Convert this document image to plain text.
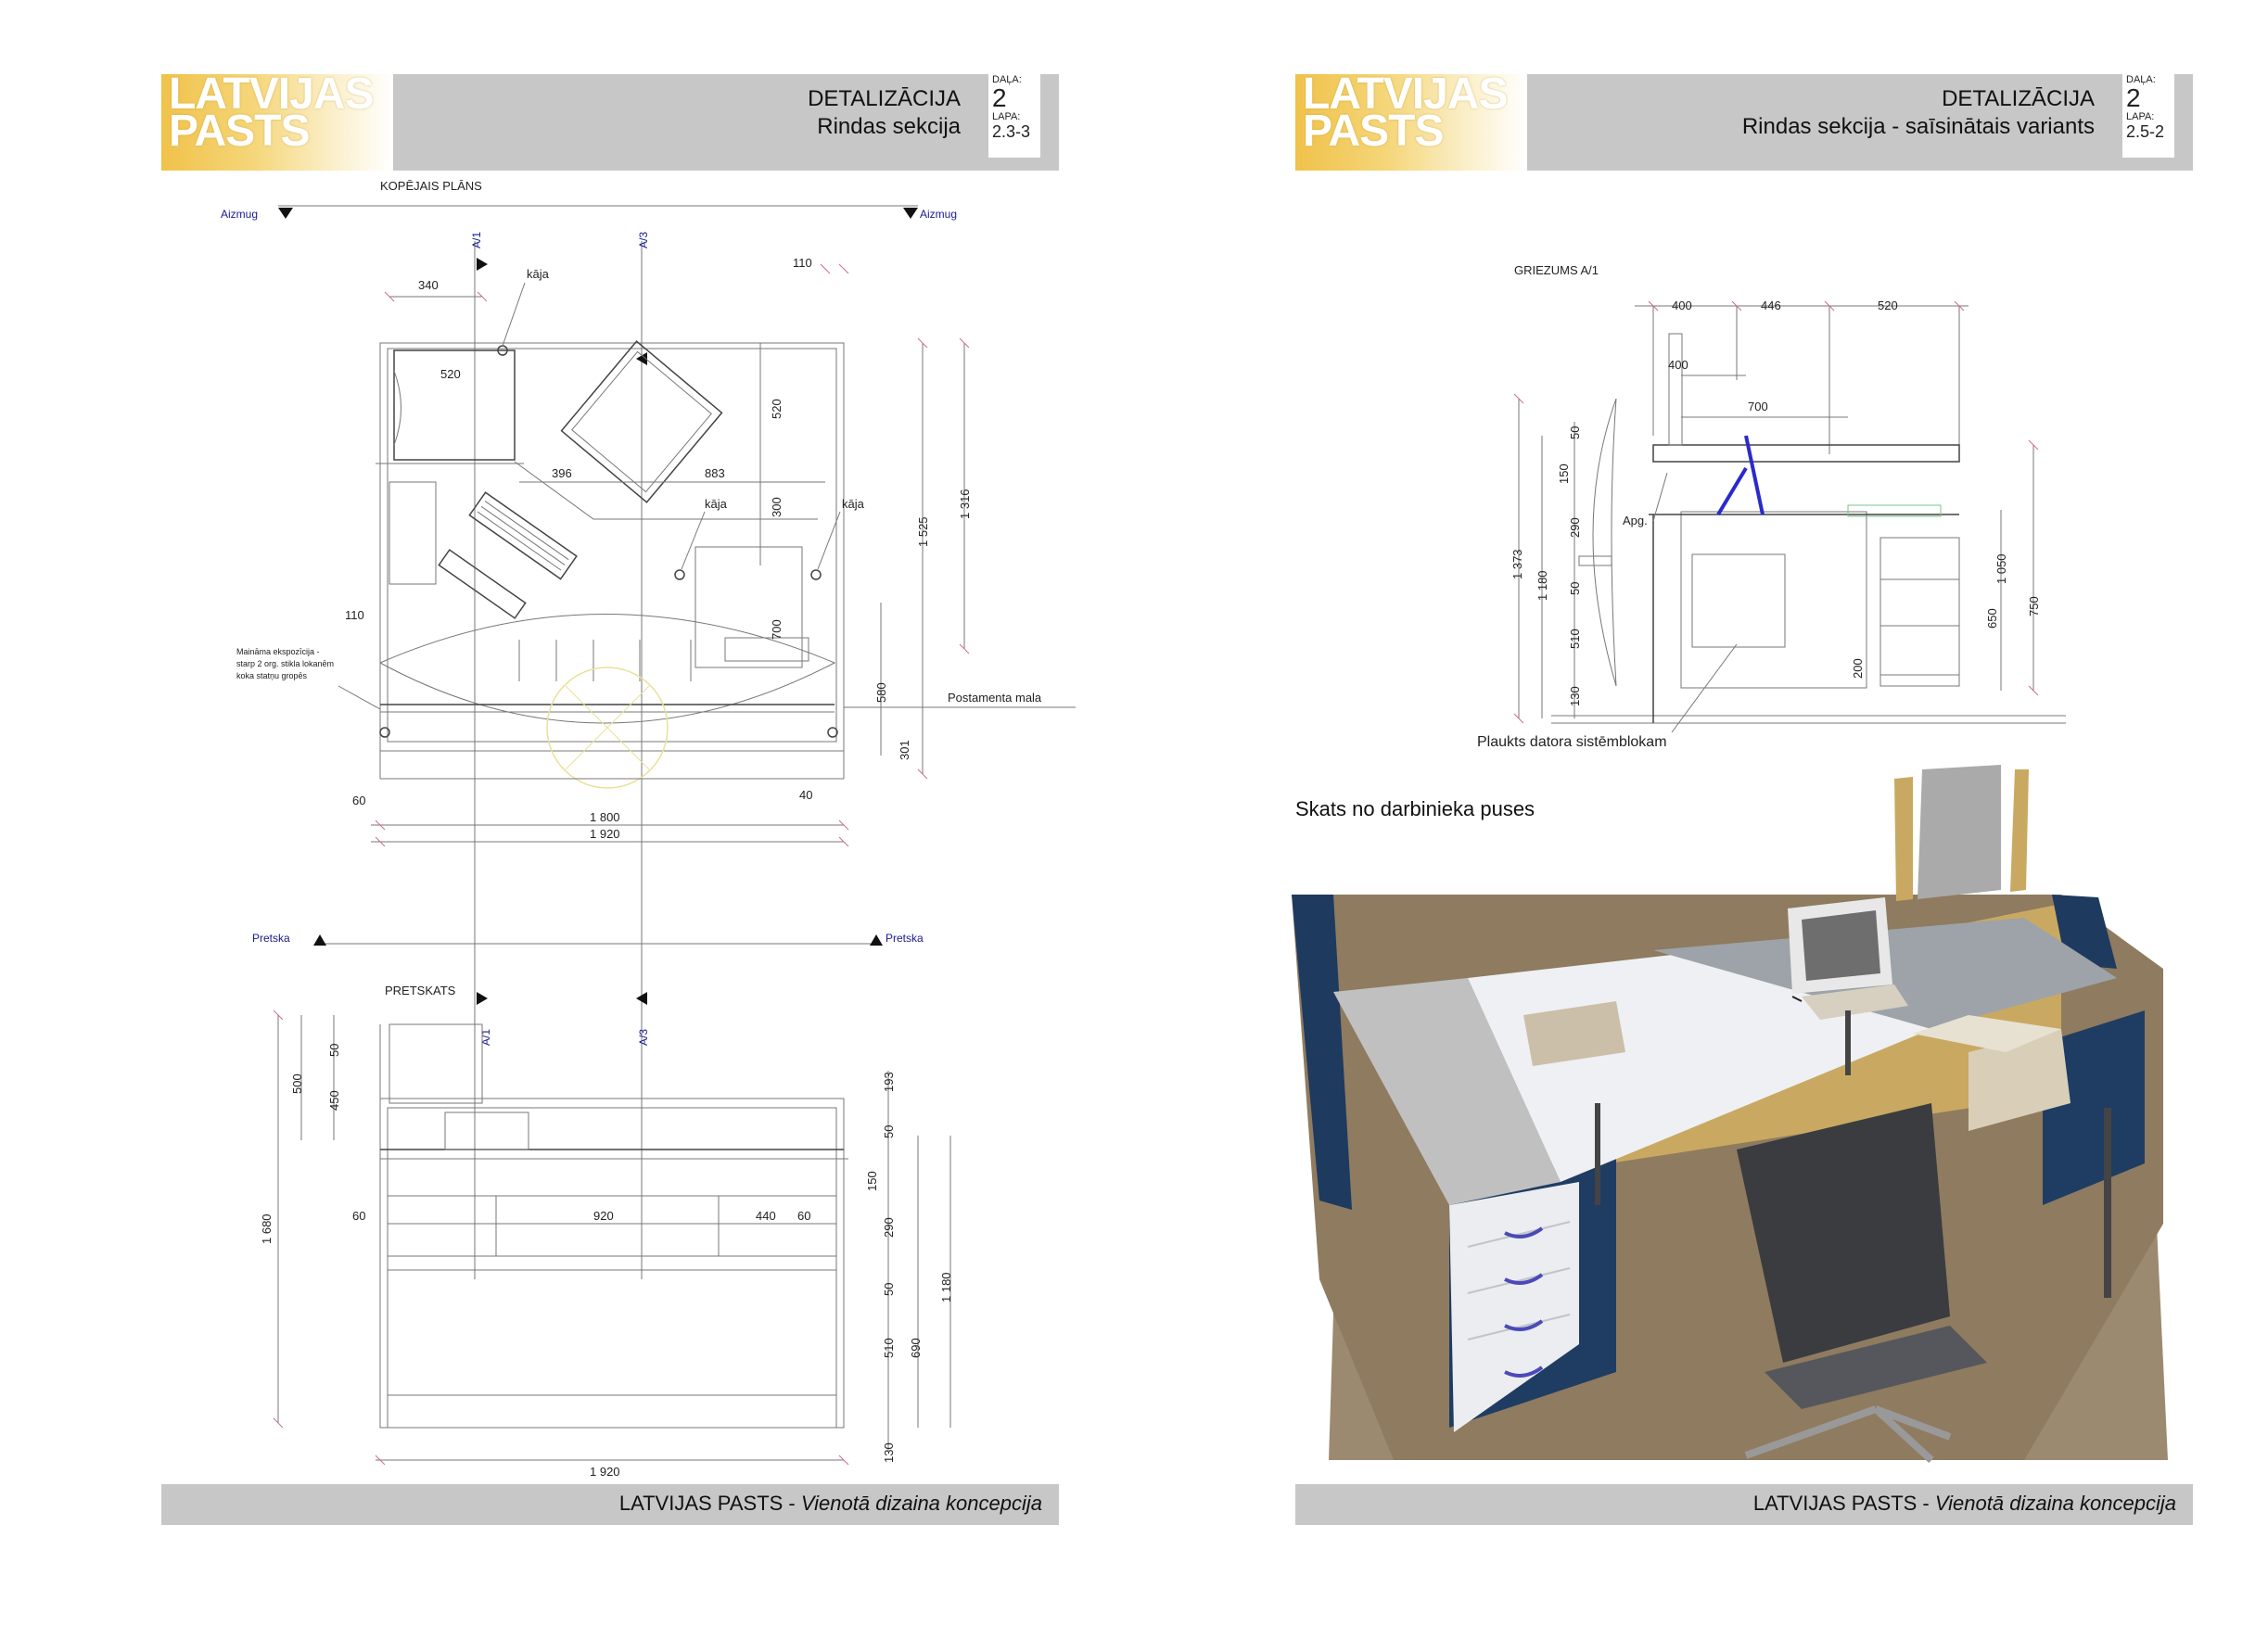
LATVIJAS
PASTS
DETALIZĀCIJA
Rindas sekcija
DAĻA:
2
LAPA:
2.3-3
KOPĒJAIS PLĀNS
Aizmug	Aizmug
A/1	A/3
340
110
520
520
396	883
300
1 525
1 316
110
700
580
301
60	40
1 800
1 920
kāja
kāja	kāja
Maināma ekspozīcija -
starp 2 org. stikla lokanēm
koka statņu gropēs
Postamenta mala
Pretska	Pretska
PRETSKATS
A/1	A/3
500
50
450
1 680	60	920	440 60
193
50
150
290
50
510 690
1 180
130
1 920
LATVIJAS PASTS - Vienotā dizaina koncepcija
LATVIJAS
PASTS
DETALIZĀCIJA
Rindas sekcija - saīsinātais variants
DAĻA:
2
LAPA:
2.5-2
GRIEZUMS A/1
400	446	520
400
700
50
150
290
50
510
130
1 373
1 180
200
650
1 050
750
Apg.
Plaukts datora sistēmblokam
Skats no darbinieka puses
LATVIJAS PASTS - Vienotā dizaina koncepcija
